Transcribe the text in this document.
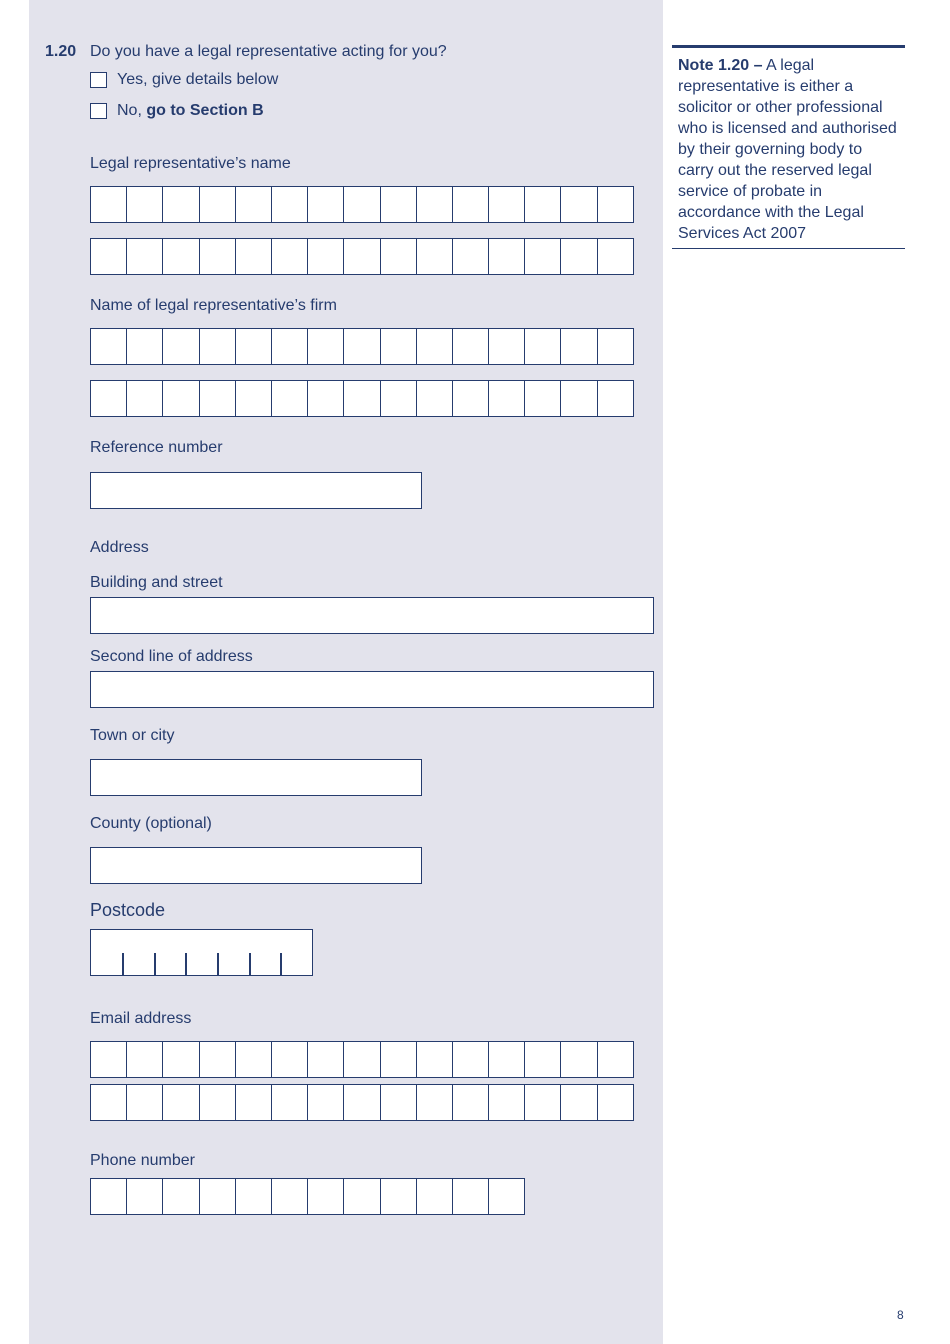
1.20 Do you have a legal representative acting for you?
Yes, give details below
No, go to Section B
Legal representative’s name
Name of legal representative’s firm
Reference number
Address
Building and street
Second line of address
Town or city
County (optional)
Postcode
Email address
Phone number
Note 1.20 – A legal representative is either a solicitor or other professional who is licensed and authorised by their governing body to carry out the reserved legal service of probate in accordance with the Legal Services Act 2007
8
